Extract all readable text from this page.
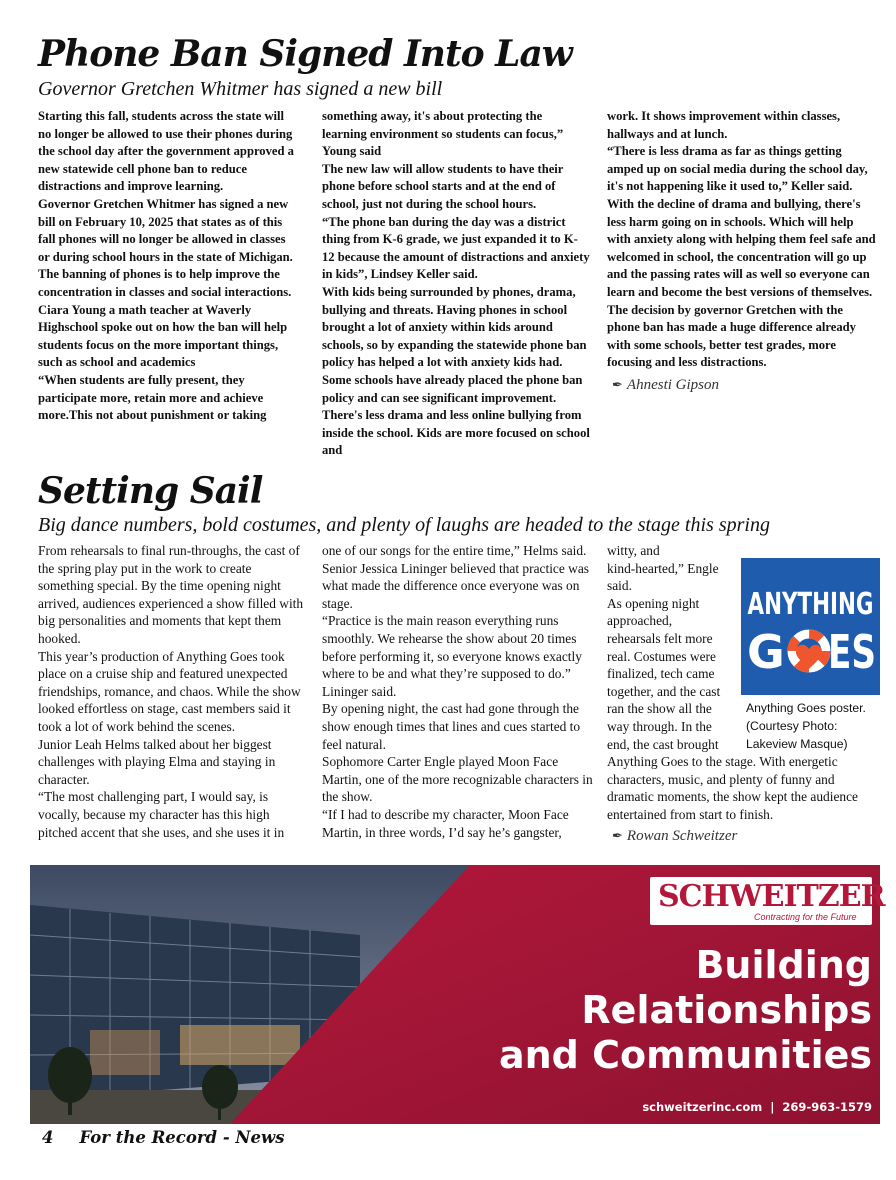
Phone Ban Signed Into Law
Governor Gretchen Whitmer has signed a new bill

Starting this fall, students across the state will no longer be allowed to use their phones during the school day after the government approved a new statewide cell phone ban to reduce distractions and improve learning.

Governor Gretchen Whitmer has signed a new bill on February 10, 2025 that states as of this fall phones will no longer be allowed in classes or during school hours in the state of Michigan.

The banning of phones is to help improve the concentration in classes and social interactions.

Ciara Young a math teacher at Waverly Highschool spoke out on how the ban will help students focus on the more important things, such as school and academics

“When students are fully present, they participate more, retain more and achieve more.This not about punishment or taking

something away, it's about protecting the learning environment so students can focus,” Young said

The new law will allow students to have their phone before school starts and at the end of school, just not during the school hours.

“The phone ban during the day was a district thing from K-6 grade, we just expanded it to K-12 because the amount of distractions and anxiety in kids”, Lindsey Keller said.

With kids being surrounded by phones, drama, bullying and threats. Having phones in school brought a lot of anxiety within kids around schools, so by expanding the statewide phone ban policy has helped a lot with anxiety kids had. Some schools have already placed the phone ban policy and can see significant improvement. There's less drama and less online bullying from inside the school. Kids are more focused on school and

work. It shows improvement within classes, hallways and at lunch.

“There is less drama as far as things getting amped up on social media during the school day, it's not happening like it used to,” Keller said.

With the decline of drama and bullying, there's less harm going on in schools. Which will help with anxiety along with helping them feel safe and welcomed in school, the concentration will go up and the passing rates will as well so everyone can learn and become the best versions of themselves.

The decision by governor Gretchen with the phone ban has made a huge difference already with some schools, better test grades, more focusing and less distractions.

✒ Ahnesti Gipson
Setting Sail
Big dance numbers, bold costumes, and plenty of laughs are headed to the stage this spring

From rehearsals to final run-throughs, the cast of the spring play put in the work to create something special. By the time opening night arrived, audiences experienced a show filled with big personalities and moments that kept them hooked.

This year’s production of Anything Goes took place on a cruise ship and featured unexpected friendships, romance, and chaos. While the show looked effortless on stage, cast members said it took a lot of work behind the scenes.

Junior Leah Helms talked about her biggest challenges with playing Elma and staying in character.

“The most challenging part, I would say, is vocally, because my character has this high pitched accent that she uses, and she uses it in

one of our songs for the entire time,” Helms said.

Senior Jessica Lininger believed that practice was what made the difference once everyone was on stage.

“Practice is the main reason everything runs smoothly. We rehearse the show about 20 times before performing it, so everyone knows exactly where to be and what they’re supposed to do.” Lininger said.

By opening night, the cast had gone through the show enough times that lines and cues started to feel natural.

Sophomore Carter Engle played Moon Face Martin, one of the more recognizable characters in the show.

“If I had to describe my character, Moon Face Martin, in three words, I’d say he’s gangster,

witty, and

kind-hearted,” Engle

said.

As opening night

approached,

rehearsals felt more

real. Costumes were

finalized, tech came

together, and the cast

ran the show all the

way through. In the

end, the cast brought

Anything Goes to the stage. With energetic characters, music, and plenty of funny and dramatic moments, the show kept the audience entertained from start to finish.

✒ Rowan Schweitzer
ANYTHING
G ES
Anything Goes poster.
(Courtesy Photo:
Lakeview Masque)
SCHWEITZER
Contracting for the Future
Building
Relationships
and Communities
schweitzerinc.com  |  269-963-1579
4 For the Record - News
